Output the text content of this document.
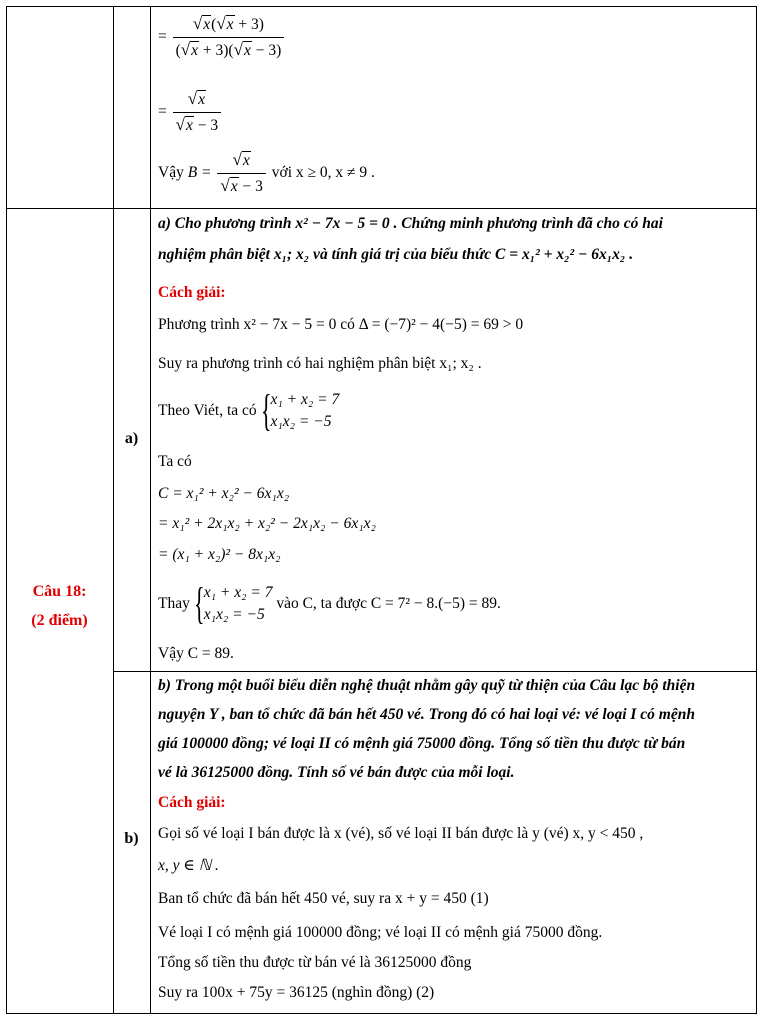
= $\frac{√x(√x + 3)}{(√x + 3)(√x - 3)}$
= $\frac{√x}{√x - 3}$
Vậy $B = \frac{√x}{√x - 3}$ với x ≥ 0, x ≠ 9 .
Câu 18:
(2 điểm)
a)
a) Cho phương trình x² − 7x − 5 = 0 . Chứng minh phương trình đã cho có hai
nghiệm phân biệt x₁; x₂ và tính giá trị của biểu thức C = x₁² + x₂² − 6x₁x₂ .
Cách giải:
Phương trình x² − 7x − 5 = 0 có Δ = (−7)² − 4(−5) = 69 > 0
Suy ra phương trình có hai nghiệm phân biệt x₁; x₂ .
Theo Viét, ta có { x₁ + x₂ = 7
x₁x₂ = −5
Ta có
C = x₁² + x₂² − 6x₁x₂
= x₁² + 2x₁x₂ + x₂² − 2x₁x₂ − 6x₁x₂
= (x₁ + x₂)² − 8x₁x₂
Thay { x₁ + x₂ = 7
x₁x₂ = −5
vào C, ta được C = 7² − 8.(−5) = 89.
Vậy C = 89.
b)
b) Trong một buổi biểu diễn nghệ thuật nhằm gây quỹ từ thiện của Câu lạc bộ thiện
nguyện Y , ban tổ chức đã bán hết 450 vé. Trong đó có hai loại vé: vé loại I có mệnh
giá 100000 đồng; vé loại II có mệnh giá 75000 đồng. Tổng số tiền thu được từ bán
vé là 36125000 đồng. Tính số vé bán được của mỗi loại.
Cách giải:
Gọi số vé loại I bán được là x (vé), số vé loại II bán được là y (vé) x, y < 450 ,
x, y ∈ ℕ .
Ban tổ chức đã bán hết 450 vé, suy ra x + y = 450 (1)
Vé loại I có mệnh giá 100000 đồng; vé loại II có mệnh giá 75000 đồng.
Tổng số tiền thu được từ bán vé là 36125000 đồng
Suy ra 100x + 75y = 36125 (nghìn đồng) (2)
